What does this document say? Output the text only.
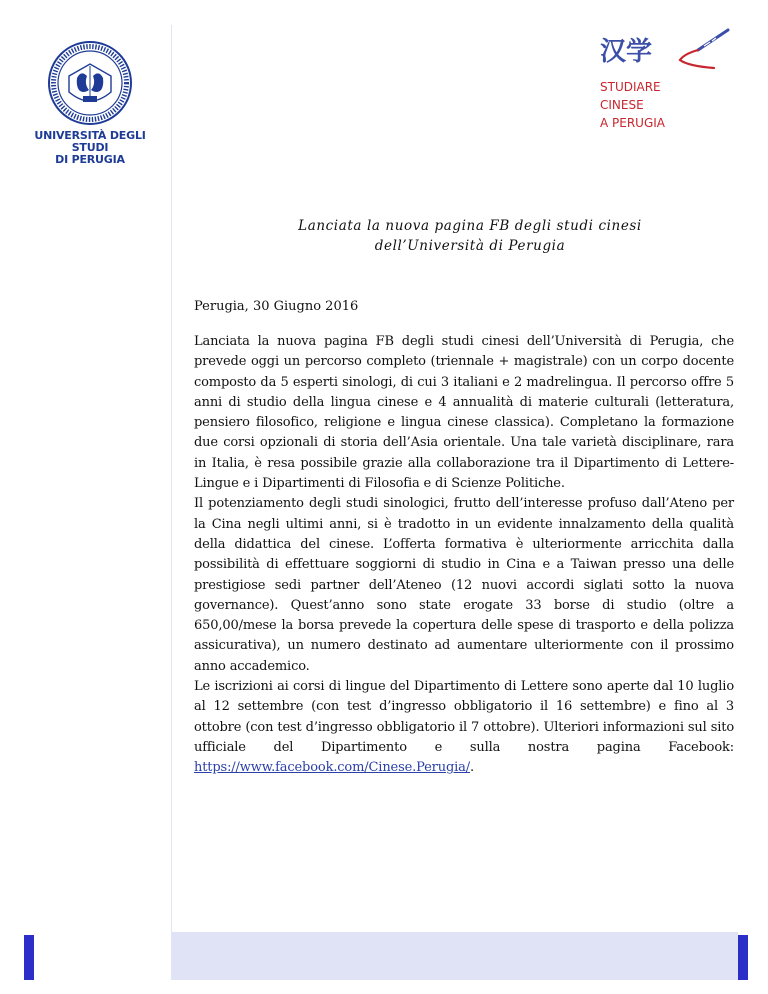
UNIVERSITÀ DEGLI STUDI
DI PERUGIA
汉学
STUDIARE
CINESE
A PERUGIA
Lanciata la nuova pagina FB degli studi cinesi
dell’Università di Perugia
Perugia, 30 Giugno 2016

Lanciata la nuova pagina FB degli studi cinesi dell’Università di Perugia, che prevede oggi un percorso completo (triennale + magistrale) con un corpo docente composto da 5 esperti sinologi, di cui 3 italiani e 2 madrelingua. Il percorso offre 5 anni di studio della lingua cinese e 4 annualità di materie culturali (letteratura, pensiero filosofico, religione e lingua cinese classica). Completano la formazione due corsi opzionali di storia dell’Asia orientale. Una tale varietà disciplinare, rara in Italia, è resa possibile grazie alla collaborazione tra il Dipartimento di Lettere-Lingue e i Dipartimenti di Filosofia e di Scienze Politiche.

Il potenziamento degli studi sinologici, frutto dell’interesse profuso dall’Ateno per la Cina negli ultimi anni, si è tradotto in un evidente innalzamento della qualità della didattica del cinese. L’offerta formativa è ulteriormente arricchita dalla possibilità di effettuare soggiorni di studio in Cina e a Taiwan presso una delle prestigiose sedi partner dell’Ateneo (12 nuovi accordi siglati sotto la nuova governance). Quest’anno sono state erogate 33 borse di studio (oltre a 650,00/mese la borsa prevede la copertura delle spese di trasporto e della polizza assicurativa), un numero destinato ad aumentare ulteriormente con il prossimo anno accademico.

Le iscrizioni ai corsi di lingue del Dipartimento di Lettere sono aperte dal 10 luglio al 12 settembre (con test d’ingresso obbligatorio il 16 settembre) e fino al 3 ottobre (con test d’ingresso obbligatorio il 7 ottobre). Ulteriori informazioni sul sito ufficiale del Dipartimento e sulla nostra pagina Facebook: https://www.facebook.com/Cinese.Perugia/.
